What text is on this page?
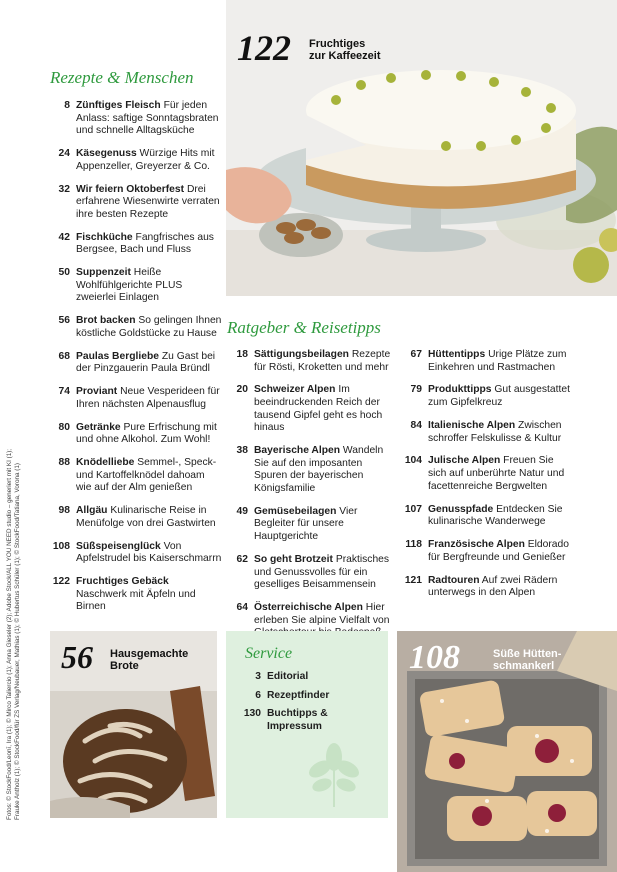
122 Fruchtiges
zur Kaffeezeit
Rezepte & Menschen
8 Zünftiges Fleisch Für jeden Anlass: saftige Sonntagsbraten und schnelle Alltagsküche
24 Käsegenuss Würzige Hits mit Appenzeller, Greyerzer & Co.
32 Wir feiern Oktoberfest Drei erfahrene Wiesenwirte verraten ihre besten Rezepte
42 Fischküche Fangfrisches aus Bergsee, Bach und Fluss
50 Suppenzeit Heiße Wohlfühlgerichte PLUS zweierlei Einlagen
56 Brot backen So gelingen Ihnen köstliche Goldstücke zu Hause
68 Paulas Bergliebe Zu Gast bei der Pinzgauerin Paula Bründl
74 Proviant Neue Vesperideen für Ihren nächsten Alpenausflug
80 Getränke Pure Erfrischung mit und ohne Alkohol. Zum Wohl!
88 Knödelliebe Semmel-, Speck- und Kartoffelknödel dahoam wie auf der Alm genießen
98 Allgäu Kulinarische Reise in Menüfolge von drei Gastwirten
108 Süßspeisenglück Von Apfelstrudel bis Kaiserschmarrn
122 Fruchtiges Gebäck Naschwerk mit Äpfeln und Birnen
Ratgeber & Reisetipps
18 Sättigungsbeilagen Rezepte für Rösti, Kroketten und mehr
20 Schweizer Alpen Im beeindruckenden Reich der tausend Gipfel geht es hoch hinaus
38 Bayerische Alpen Wandeln Sie auf den imposanten Spuren der bayerischen Königsfamilie
49 Gemüsebeilagen Vier Begleiter für unsere Hauptgerichte
62 So geht Brotzeit Praktisches und Genussvolles für ein geselliges Beisammensein
64 Österreichische Alpen Hier erleben Sie alpine Vielfalt von
67 Hüttentipps Urige Plätze zum Einkehren und Rastmachen
79 Produkttipps Gut ausgestattet zum Gipfelkreuz
84 Italienische Alpen Zwischen schroffer Felskulisse & Kultur
104 Julische Alpen Freuen Sie sich auf unberührte Natur und facettenreiche Bergwelten
107 Genusspfade Entdecken Sie kulinarische Wanderwege
118 Französische Alpen Eldorado für Bergfreunde und Genießer
121 Radtouren Auf zwei Rädern unterwegs in den Alpen
56 Hausgemachte
Brote
Service
3 Editorial
6 Rezeptfinder
130 Buchtipps & Impressum
108	Süße Hütten-
schmankerl
Fotos: © StockFood/Leonī, Ira (1); © Mirco Taliercio (1); Anna Gieseler (2); Adobe Stock/ALL YOU NEED studio – generiert mit KI (1); Frauke Antholz (1); © StockFood/für ZS Verlag/Neubauer, Mathias (1); © Hubertus Schüler (1); © StockFood/Tatiana, Vorona (1)
